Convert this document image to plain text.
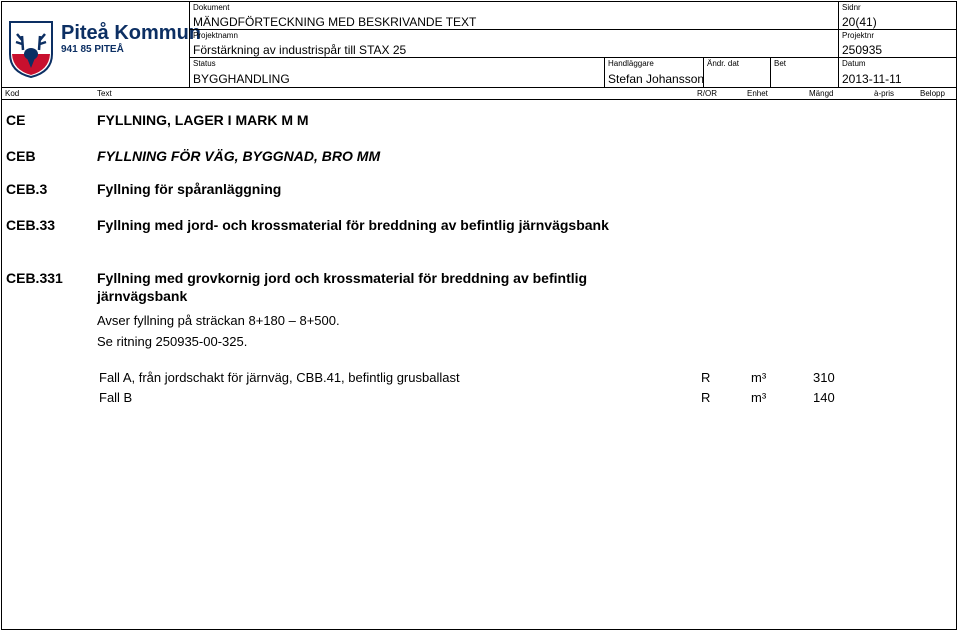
Piteå Kommun
941 85 PITEÅ
Dokument
MÄNGDFÖRTECKNING MED BESKRIVANDE TEXT
Sidnr
20(41)
Projektnamn
Förstärkning av industrispår till STAX 25
Projektnr
250935
Status
BYGGHANDLING
Handläggare
Stefan Johansson
Ändr. dat	Bet	Datum
2013-11-11
Kod	Text	R/OR	Enhet	Mängd	à-pris	Belopp
CE	FYLLNING, LAGER I MARK M M
CEB	FYLLNING FÖR VÄG, BYGGNAD, BRO MM
CEB.3	Fyllning för spåranläggning
CEB.33	Fyllning med jord- och krossmaterial för breddning av befintlig järnvägsbank
CEB.331 Fyllning med grovkornig jord och krossmaterial för breddning av befintlig järnvägsbank
Avser fyllning på sträckan 8+180 – 8+500.
Se ritning 250935-00-325.
Fall A, från jordschakt för järnväg, CBB.41, befintlig grusballast	R	m³	310
Fall B	R	m³	140
